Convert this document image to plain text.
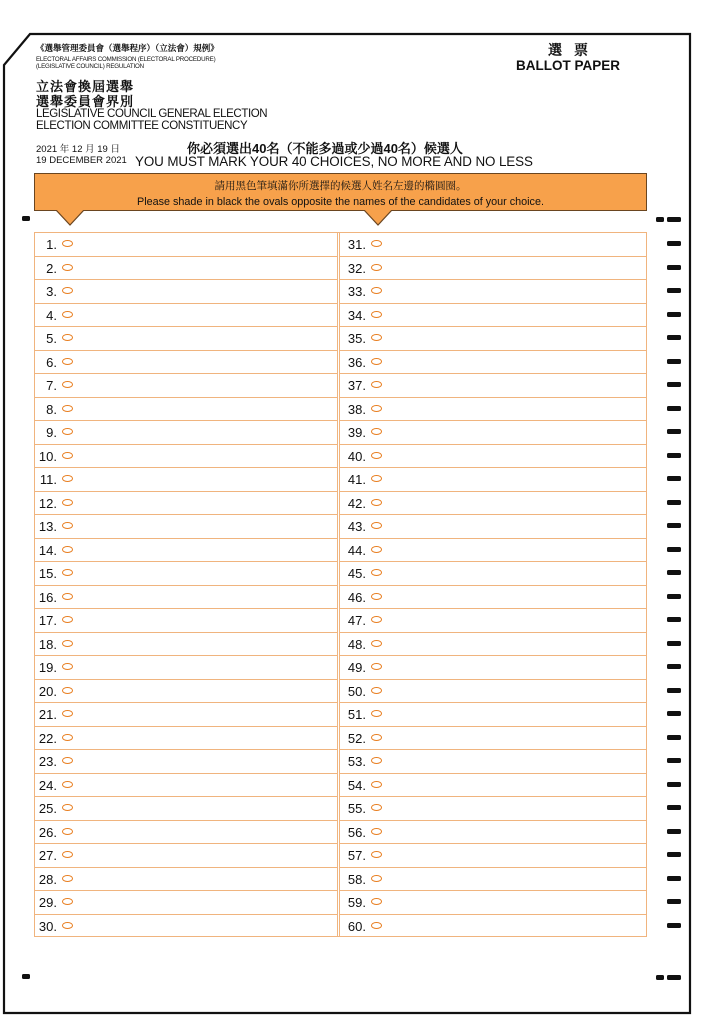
《選舉管理委員會（選舉程序）（立法會）規例》

ELECTORAL AFFAIRS COMMISSION (ELECTORAL PROCEDURE)

(LEGISLATIVE COUNCIL) REGULATION

立法會換屆選舉

選舉委員會界別

LEGISLATIVE COUNCIL GENERAL ELECTION

ELECTION COMMITTEE CONSTITUENCY

2021 年 12 月 19 日

19 DECEMBER 2021

你必須選出40名（不能多過或少過40名）候選人

YOU MUST MARK YOUR 40 CHOICES, NO MORE AND NO LESS

選票

BALLOT PAPER

請用黑色筆填滿你所選擇的候選人姓名左邊的橢圓圈。
Please shade in black the ovals opposite the names of the candidates of your choice.
1.
2.
3.
4.
5.
6.
7.
8.
9.
10.
11.
12.
13.
14.
15.
16.
17.
18.
19.
20.
21.
22.
23.
24.
25.
26.
27.
28.
29.
30.
31.
32.
33.
34.
35.
36.
37.
38.
39.
40.
41.
42.
43.
44.
45.
46.
47.
48.
49.
50.
51.
52.
53.
54.
55.
56.
57.
58.
59.
60.
